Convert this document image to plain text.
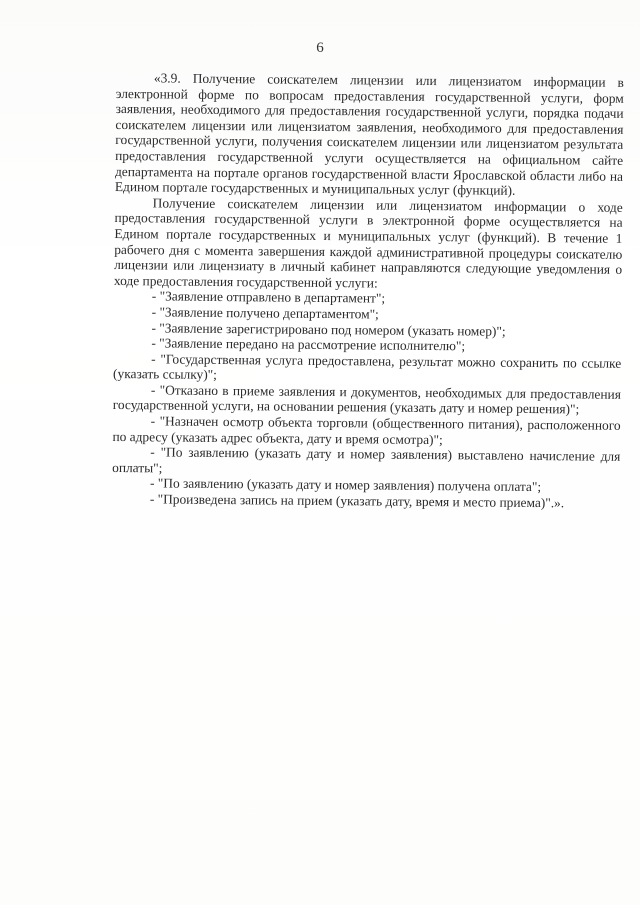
6

«3.9. Получение соискателем лицензии или лицензиатом информации в электронной форме по вопросам предоставления государственной услуги, форм заявления, необходимого для предоставления государственной услуги, порядка подачи соискателем лицензии или лицензиатом заявления, необходимого для предоставления государственной услуги, получения соискателем лицензии или лицензиатом результата предоставления государственной услуги осуществляется на официальном сайте департамента на портале органов государственной власти Ярославской области либо на Едином портале государственных и муниципальных услуг (функций).

Получение соискателем лицензии или лицензиатом информации о ходе предоставления государственной услуги в электронной форме осуществляется на Едином портале государственных и муниципальных услуг (функций). В течение 1 рабочего дня с момента завершения каждой административной процедуры соискателю лицензии или лицензиату в личный кабинет направляются следующие уведомления о ходе предоставления государственной услуги:

- "Заявление отправлено в департамент";

- "Заявление получено департаментом";

- "Заявление зарегистрировано под номером (указать номер)";

- "Заявление передано на рассмотрение исполнителю";

- "Государственная услуга предоставлена, результат можно сохранить по ссылке (указать ссылку)";

- "Отказано в приеме заявления и документов, необходимых для предоставления государственной услуги, на основании решения (указать дату и номер решения)";

- "Назначен осмотр объекта торговли (общественного питания), расположенного по адресу (указать адрес объекта, дату и время осмотра)";

- "По заявлению (указать дату и номер заявления) выставлено начисление для оплаты";

- "По заявлению (указать дату и номер заявления) получена оплата";

- "Произведена запись на прием (указать дату, время и место приема)".».
